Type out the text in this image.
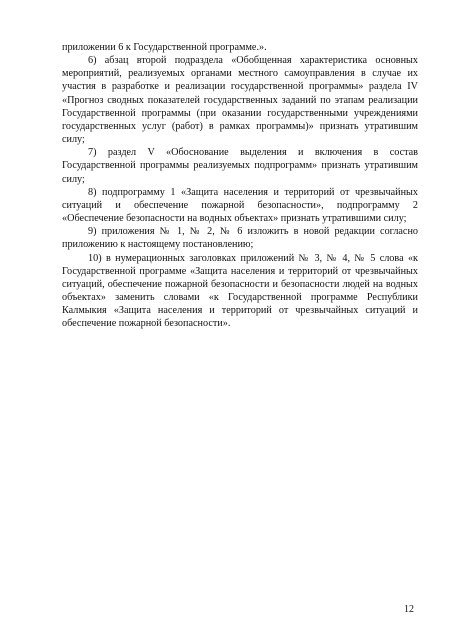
приложении 6 к Государственной программе.».

6) абзац второй подраздела «Обобщенная характеристика основных мероприятий, реализуемых органами местного самоуправления в случае их участия в разработке и реализации государственной программы» раздела IV «Прогноз сводных показателей государственных заданий по этапам реализации Государственной программы (при оказании государственными учреждениями государственных услуг (работ) в рамках программы)» признать утратившим силу;

7) раздел V «Обоснование выделения и включения в состав Государственной программы реализуемых подпрограмм» признать утратившим силу;

8) подпрограмму 1 «Защита населения и территорий от чрезвычайных ситуаций и обеспечение пожарной безопасности», подпрограмму 2 «Обеспечение безопасности на водных объектах» признать утратившими силу;

9) приложения № 1, № 2, № 6 изложить в новой редакции согласно приложению к настоящему постановлению;

10) в нумерационных заголовках приложений № 3, № 4, № 5 слова «к Государственной программе «Защита населения и территорий от чрезвычайных ситуаций, обеспечение пожарной безопасности и безопасности людей на водных объектах» заменить словами «к Государственной программе Республики Калмыкия «Защита населения и территорий от чрезвычайных ситуаций и обеспечение пожарной безопасности».

12
